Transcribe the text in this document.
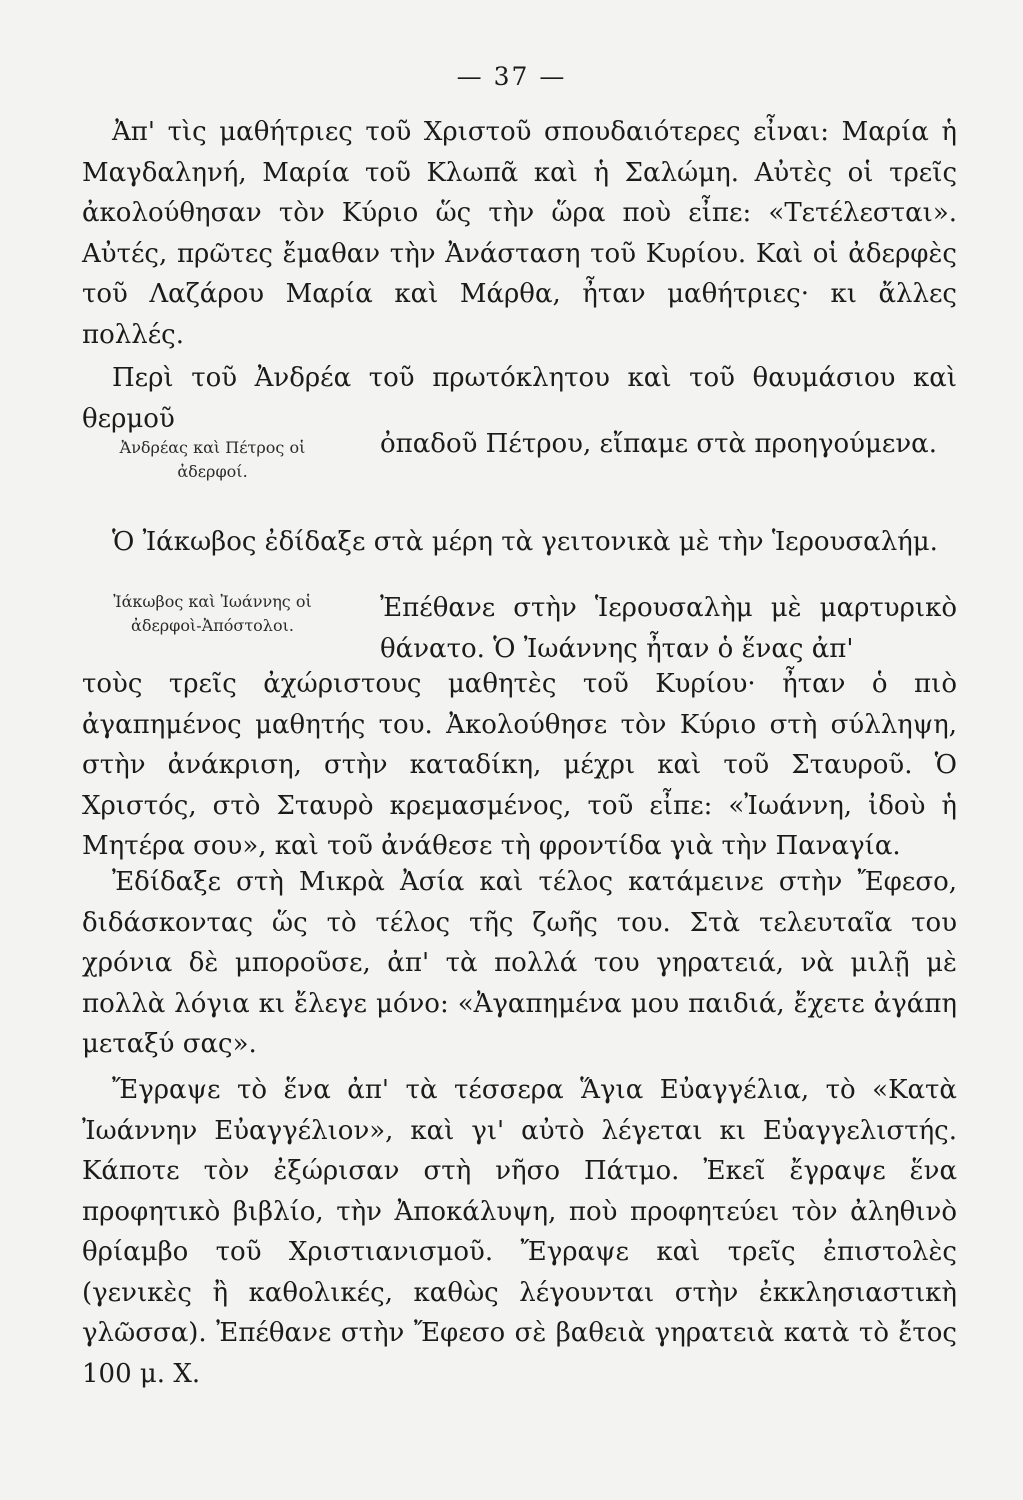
— 37 —

Ἀπ' τὶς μαθήτριες τοῦ Χριστοῦ σπουδαιότερες εἶναι: Μαρία ἡ Μαγδαληνή, Μαρία τοῦ Κλωπᾶ καὶ ἡ Σαλώμη. Αὐτὲς οἱ τρεῖς ἀκολούθησαν τὸν Κύριο ὥς τὴν ὥρα ποὺ εἶπε: «Τετέλεσται». Αὐτές, πρῶτες ἔμαθαν τὴν Ἀνάσταση τοῦ Κυρίου. Καὶ οἱ ἀδερφὲς τοῦ Λαζάρου Μαρία καὶ Μάρθα, ἦταν μαθήτριες· κι ἄλλες πολλές.

Περὶ τοῦ Ἀνδρέα τοῦ πρωτόκλητου καὶ τοῦ θαυμάσιου καὶ θερμοῦ

ὀπαδοῦ Πέτρου, εἴπαμε στὰ προηγούμενα.

Ἀνδρέας καὶ Πέτρος οἱ ἀδερφοί.

Ὁ Ἰάκωβος ἐδίδαξε στὰ μέρη τὰ γειτονικὰ μὲ τὴν Ἱερουσαλήμ.

Ἐπέθανε στὴν Ἱερουσαλὴμ μὲ μαρτυρικὸ θάνατο. Ὁ Ἰωάννης ἦταν ὁ ἕνας ἀπ'

Ἰάκωβος καὶ Ἰωάννης οἱ ἀδερφοὶ-Ἀπόστολοι.

τοὺς τρεῖς ἀχώριστους μαθητὲς τοῦ Κυρίου· ἦταν ὁ πιὸ ἀγαπημένος μαθητής του. Ἀκολούθησε τὸν Κύριο στὴ σύλληψη, στὴν ἀνάκριση, στὴν καταδίκη, μέχρι καὶ τοῦ Σταυροῦ. Ὁ Χριστός, στὸ Σταυρὸ κρεμασμένος, τοῦ εἶπε: «Ἰωάννη, ἰδοὺ ἡ Μητέρα σου», καὶ τοῦ ἀνάθεσε τὴ φροντίδα γιὰ τὴν Παναγία.

Ἐδίδαξε στὴ Μικρὰ Ἀσία καὶ τέλος κατάμεινε στὴν Ἔφεσο, διδάσκοντας ὥς τὸ τέλος τῆς ζωῆς του. Στὰ τελευταῖα του χρόνια δὲ μποροῦσε, ἀπ' τὰ πολλά του γηρατειά, νὰ μιλῇ μὲ πολλὰ λόγια κι ἔλεγε μόνο: «Ἀγαπημένα μου παιδιά, ἔχετε ἀγάπη μεταξύ σας».

Ἔγραψε τὸ ἕνα ἀπ' τὰ τέσσερα Ἅγια Εὐαγγέλια, τὸ «Κατὰ Ἰωάννην Εὐαγγέλιον», καὶ γι' αὐτὸ λέγεται κι Εὐαγγελιστής. Κάποτε τὸν ἐξώρισαν στὴ νῆσο Πάτμο. Ἐκεῖ ἔγραψε ἕνα προφητικὸ βιβλίο, τὴν Ἀποκάλυψη, ποὺ προφητεύει τὸν ἀληθινὸ θρίαμβο τοῦ Χριστιανισμοῦ. Ἔγραψε καὶ τρεῖς ἐπιστολὲς (γενικὲς ἢ καθολικές, καθὼς λέγουνται στὴν ἐκκλησιαστικὴ γλῶσσα). Ἐπέθανε στὴν Ἔφεσο σὲ βαθειὰ γηρατειὰ κατὰ τὸ ἔτος 100 μ. Χ.
